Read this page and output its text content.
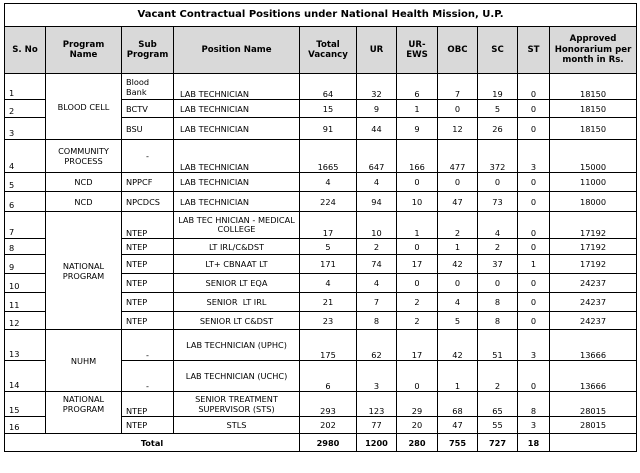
Vacant Contractual Positions under National Health Mission, U.P.										
S. No	Program Name	Sub Program	Position Name	Total Vacancy	UR	UR-EWS	OBC	SC	ST	Approved Honorarium per month in Rs.
1	BLOOD CELL	Blood Bank	LAB TECHNICIAN	64	32	6	7	19	0	18150
2		BCTV	LAB TECHNICIAN	15	9	1	0	5	0	18150
3		BSU	LAB TECHNICIAN	91	44	9	12	26	0	18150
4	COMMUNITY PROCESS	-	LAB TECHNICIAN	1665	647	166	477	372	3	15000
5	NCD	NPPCF	LAB TECHNICIAN	4	4	0	0	0	0	11000
6	NCD	NPCDCS	LAB TECHNICIAN	224	94	10	47	73	0	18000
7	NATIONAL PROGRAM	NTEP	LAB TEC HNICIAN - MEDICAL COLLEGE	17	10	1	2	4	0	17192
8		NTEP	LT IRL/C&DST	5	2	0	1	2	0	17192
9		NTEP	LT+ CBNAAT LT	171	74	17	42	37	1	17192
10		NTEP	SENIOR LT EQA	4	4	0	0	0	0	24237
11		NTEP	SENIOR  LT IRL	21	7	2	4	8	0	24237
12		NTEP	SENIOR LT C&DST	23	8	2	5	8	0	24237
13	NUHM	-	LAB TECHNICIAN (UPHC)	175	62	17	42	51	3	13666
14		-	LAB TECHNICIAN (UCHC)	6	3	0	1	2	0	13666
15	NATIONAL PROGRAM	NTEP	SENIOR TREATMENT SUPERVISOR (STS)	293	123	29	68	65	8	28015
16		NTEP	STLS	202	77	20	47	55	3	28015
Total				2980	1200	280	755	727	18	
